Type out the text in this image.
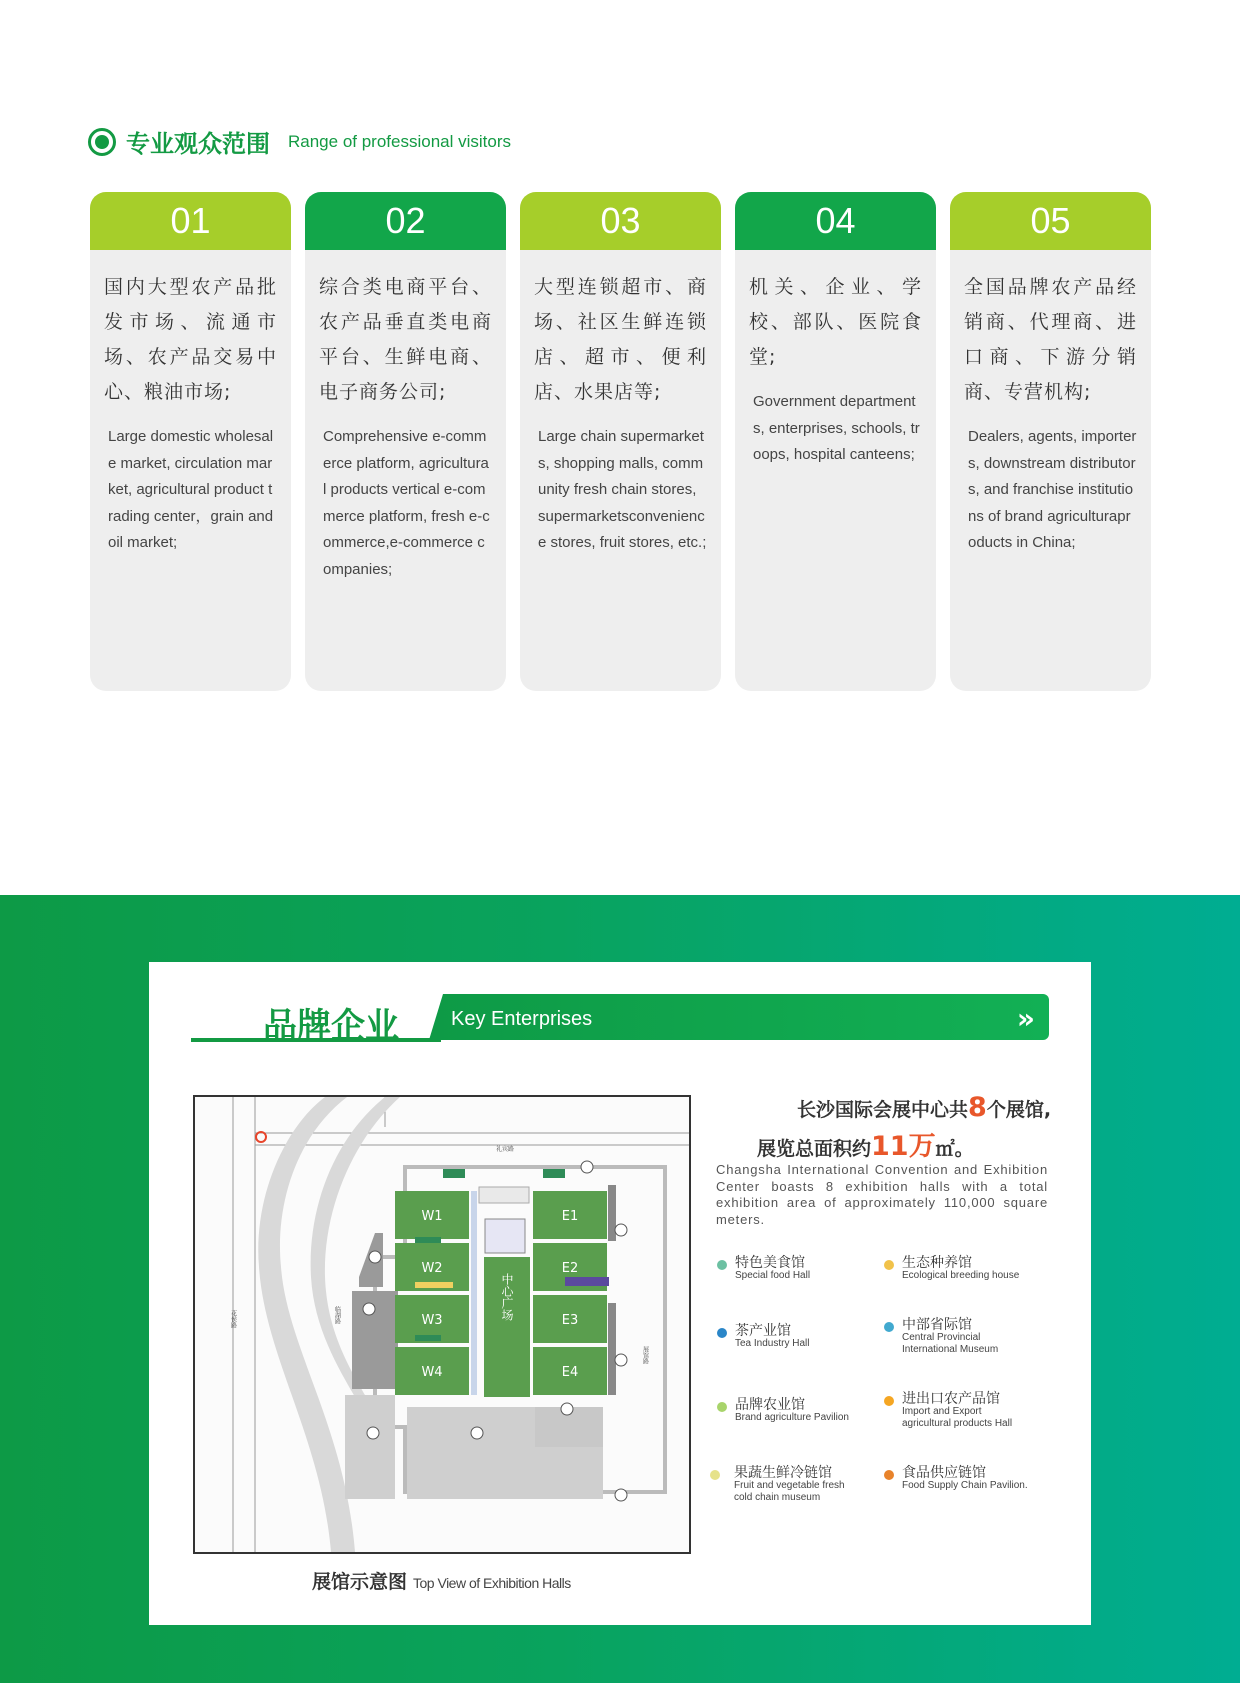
专业观众范围 Range of professional visitors
01
国内大型农产品批发市场、流通市场、农产品交易中心、粮油市场;
Large domestic wholesale market, circulation market, agricultural product trading center，grain and oil market;
02
综合类电商平台、农产品垂直类电商平台、生鲜电商、电子商务公司;
Comprehensive e-commerce platform, agricultural products vertical e-commerce platform, fresh e-commerce,e-commerce companies;
03
大型连锁超市、商场、社区生鲜连锁店、超市、便利店、水果店等;
Large chain supermarkets, shopping malls, community fresh chain stores, supermarketsconvenience stores, fruit stores, etc.;
04
机关、企业、学校、部队、医院食堂;
Government departments, enterprises, schools, troops, hospital canteens;
05
全国品牌农产品经销商、代理商、进口商、下游分销商、专营机构;
Dealers, agents, importers, downstream distributors, and franchise institutions of brand agriculturaproducts in China;
品牌企业	Key Enterprises	»
礼宾路
花侯路	临湖路
展馆路
W1
W2
W3
W4
E1
E2
E3
E4
中心广场
展馆示意图 Top View of Exhibition Halls
长沙国际会展中心共8个展馆,
展览总面积约11万㎡。
Changsha International Convention and Exhibition Center boasts 8 exhibition halls with a total exhibition area of approximately 110,000 square meters.
特色美食馆
Special food Hall
生态种养馆
Ecological breeding house
茶产业馆
Tea Industry Hall
中部省际馆
Central Provincial International Museum
品牌农业馆
Brand agriculture Pavilion
进出口农产品馆
Import and Export agricultural products Hall
果蔬生鲜冷链馆
Fruit and vegetable fresh cold chain museum
食品供应链馆
Food Supply Chain Pavilion.
